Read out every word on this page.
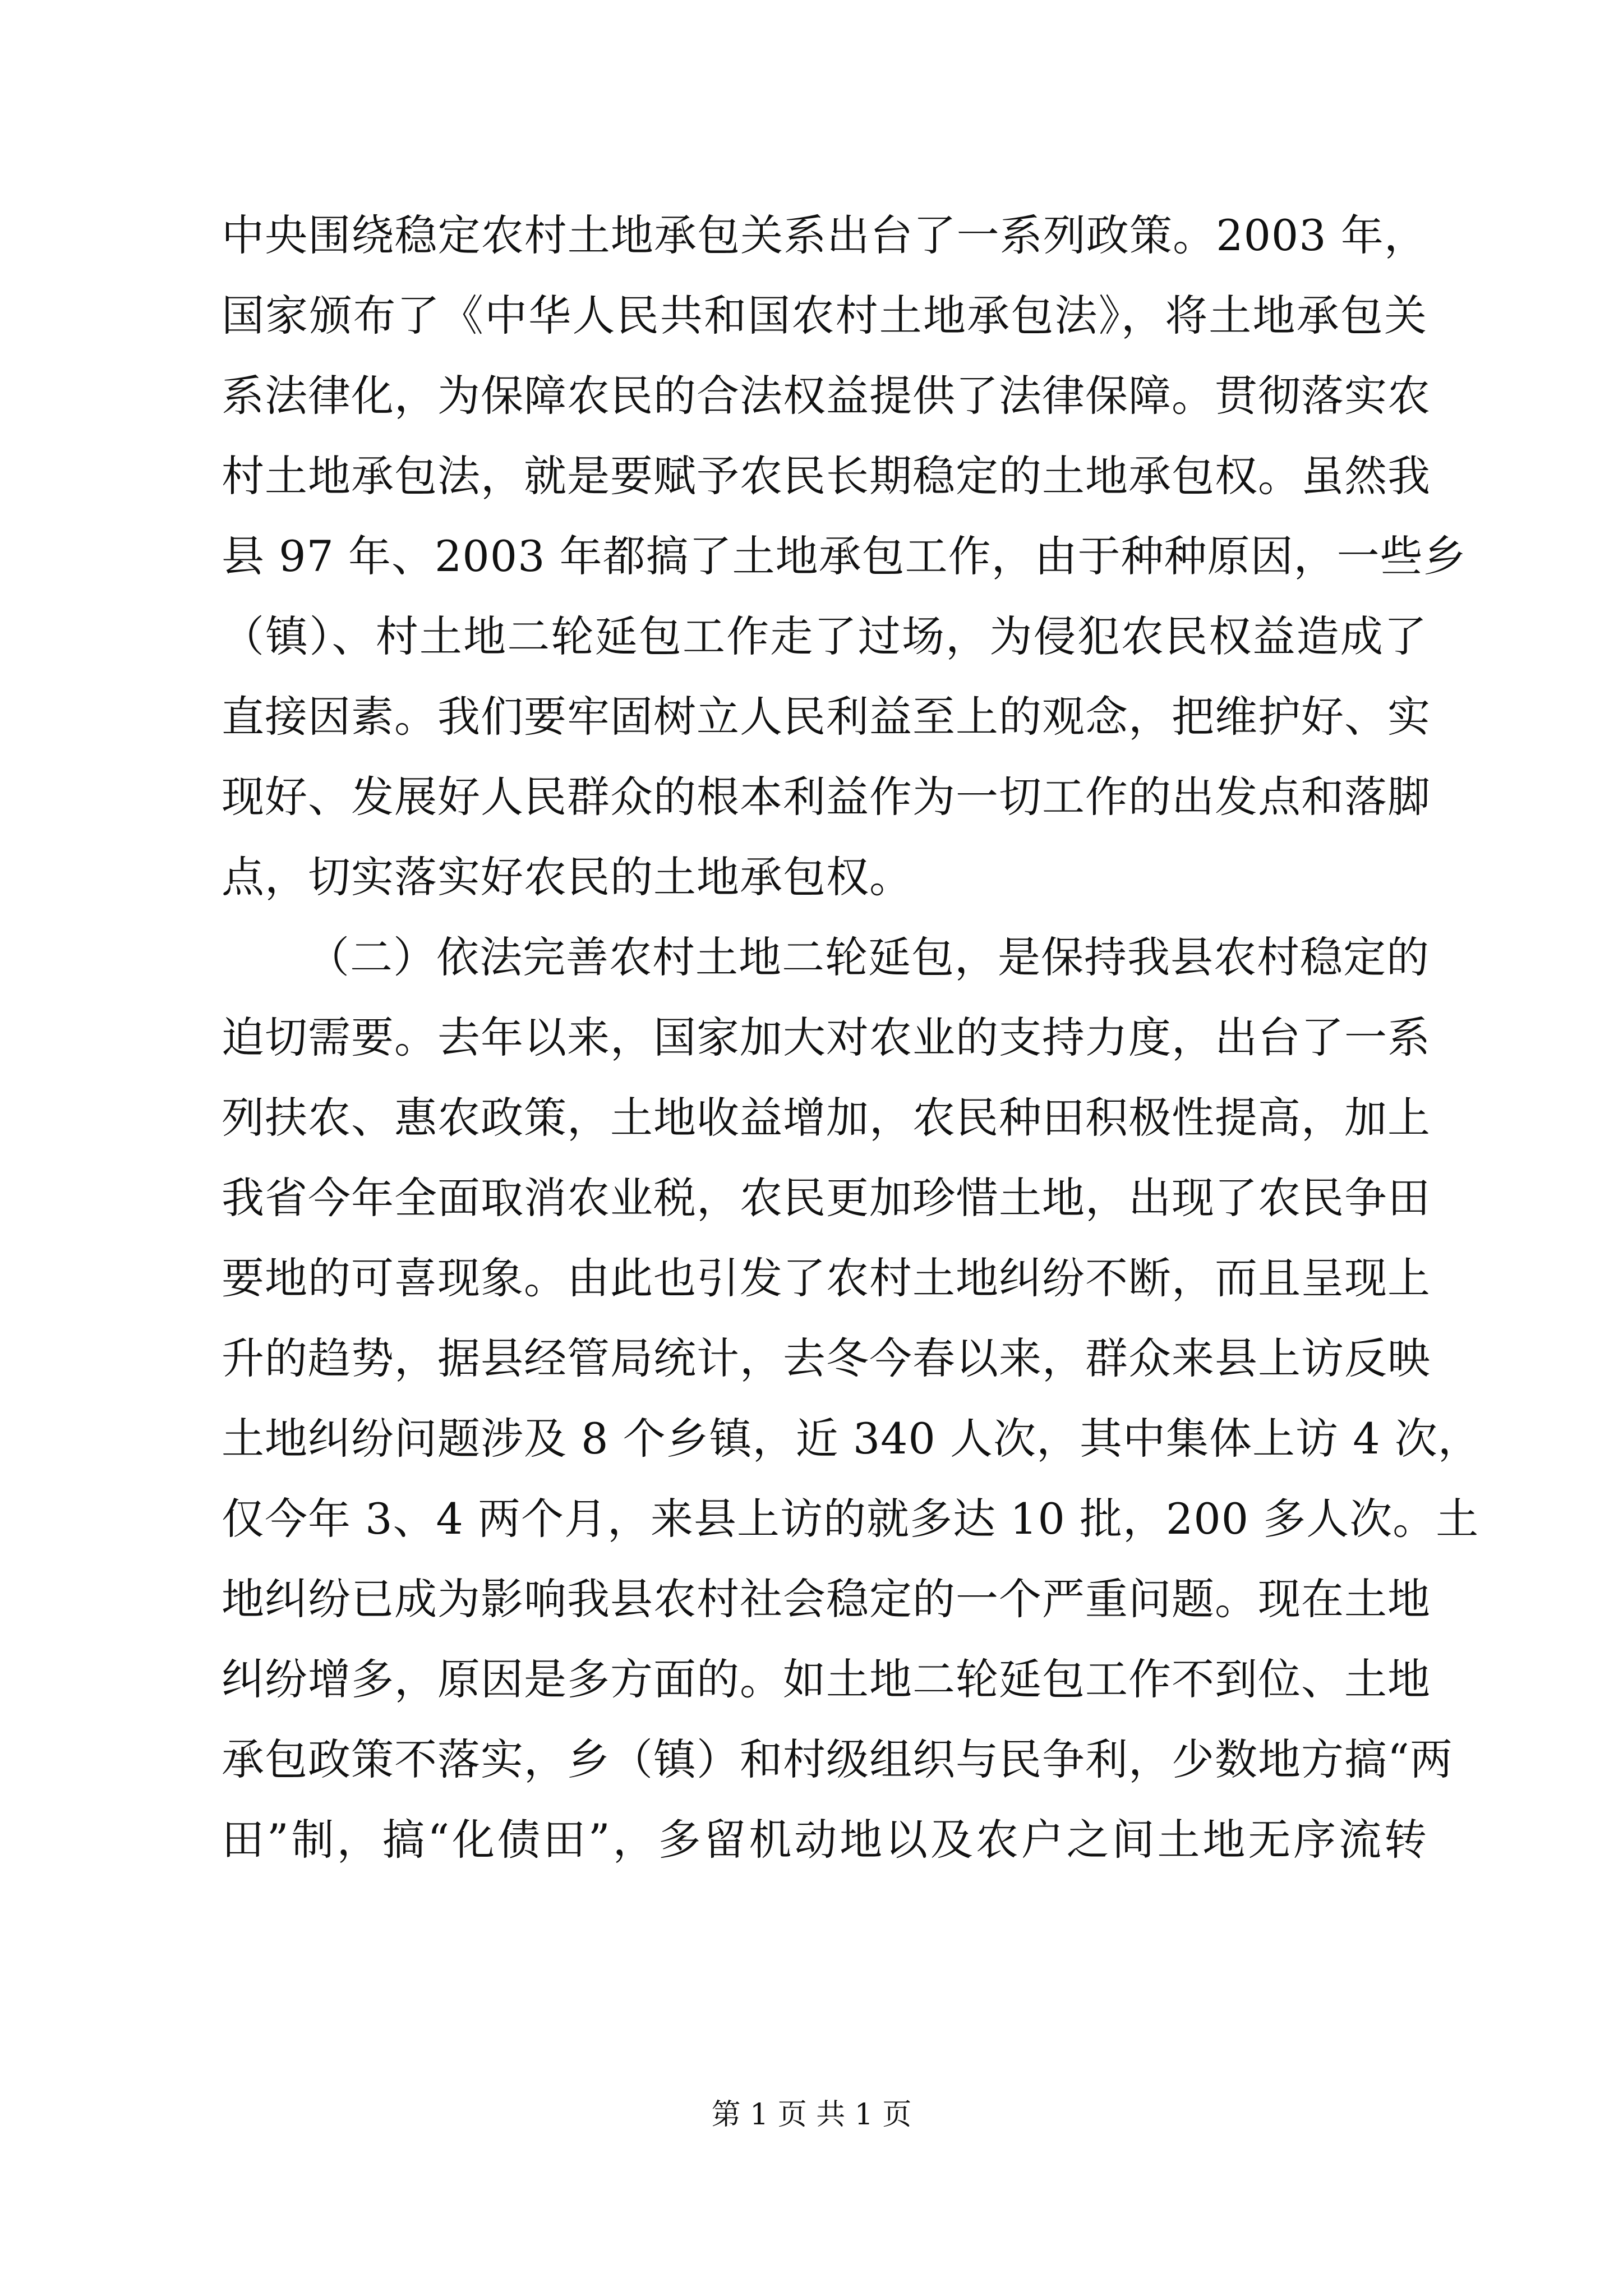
中央围绕稳定农村土地承包关系出台了一系列政策。2003 年，
国家颁布了《中华人民共和国农村土地承包法》，将土地承包关
系法律化，为保障农民的合法权益提供了法律保障。贯彻落实农
村土地承包法，就是要赋予农民长期稳定的土地承包权。虽然我
县 97 年、2003 年都搞了土地承包工作，由于种种原因，一些乡
（镇）、村土地二轮延包工作走了过场，为侵犯农民权益造成了
直接因素。我们要牢固树立人民利益至上的观念，把维护好、实
现好、发展好人民群众的根本利益作为一切工作的出发点和落脚
点，切实落实好农民的土地承包权。
（二）依法完善农村土地二轮延包，是保持我县农村稳定的
迫切需要。去年以来，国家加大对农业的支持力度，出台了一系
列扶农、惠农政策，土地收益增加，农民种田积极性提高，加上
我省今年全面取消农业税，农民更加珍惜土地，出现了农民争田
要地的可喜现象。由此也引发了农村土地纠纷不断，而且呈现上
升的趋势，据县经管局统计，去冬今春以来，群众来县上访反映
土地纠纷问题涉及 8 个乡镇，近 340 人次，其中集体上访 4 次，
仅今年 3、4 两个月，来县上访的就多达 10 批，200 多人次。土
地纠纷已成为影响我县农村社会稳定的一个严重问题。现在土地
纠纷增多，原因是多方面的。如土地二轮延包工作不到位、土地
承包政策不落实，乡（镇）和村级组织与民争利，少数地方搞“两
田”制，搞“化债田”，多留机动地以及农户之间土地无序流转
第 1 页 共 1 页
